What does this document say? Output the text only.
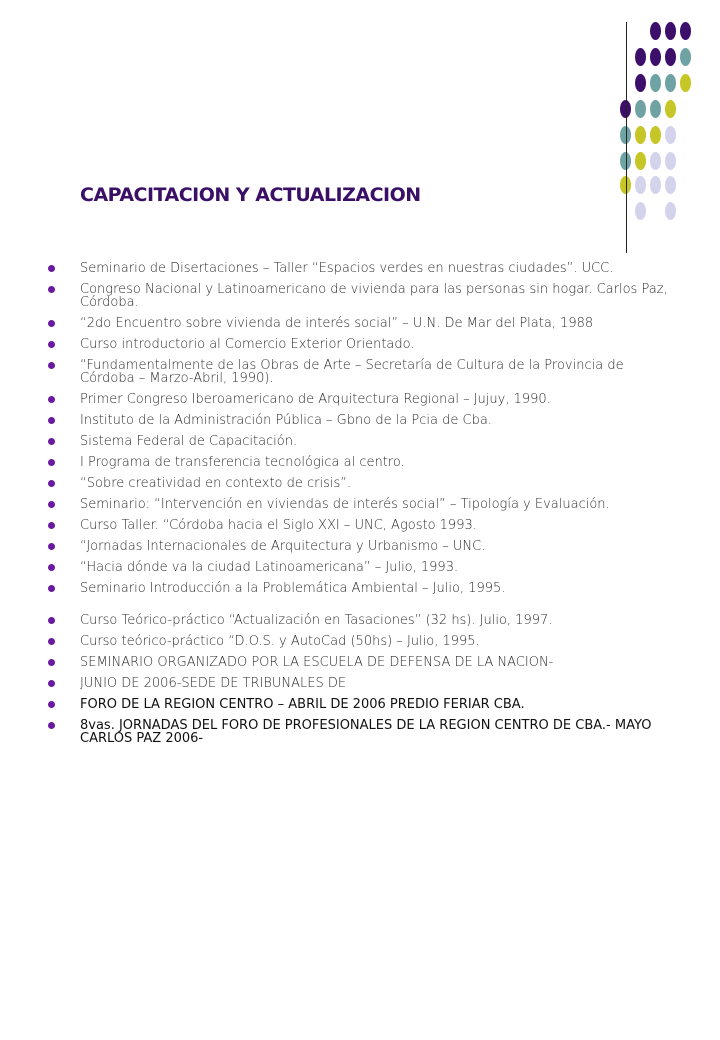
CAPACITACION Y ACTUALIZACION
Seminario de Disertaciones – Taller “Espacios verdes en nuestras ciudades”. UCC.
Congreso Nacional y Latinoamericano de vivienda para las personas sin hogar. Carlos Paz, Córdoba.
“2do Encuentro sobre vivienda de interés social” – U.N. De Mar del Plata, 1988
Curso introductorio al Comercio Exterior Orientado.
“Fundamentalmente de las Obras de Arte – Secretaría de Cultura de la Provincia de Córdoba – Marzo-Abril, 1990).
Primer Congreso Iberoamericano de Arquitectura Regional – Jujuy, 1990.
Instituto de la Administración Pública – Gbno de la Pcia de Cba.
Sistema Federal de Capacitación.
I Programa de transferencia tecnológica al centro.
“Sobre creatividad en contexto de crisis”.
Seminario: “Intervención en viviendas de interés social” – Tipología y Evaluación.
Curso Taller. “Córdoba hacia el Siglo XXI – UNC, Agosto 1993.
“Jornadas Internacionales de Arquitectura y Urbanismo – UNC.
“Hacia dónde va la ciudad Latinoamericana” – Julio, 1993.
Seminario Introducción a la Problemática Ambiental – Julio, 1995.
Curso Teórico-práctico “Actualización en Tasaciones” (32 hs). Julio, 1997.
Curso teórico-práctico “D.O.S. y AutoCad (50hs) – Julio, 1995.
SEMINARIO ORGANIZADO POR LA ESCUELA DE DEFENSA DE LA NACION-
JUNIO DE 2006-SEDE DE TRIBUNALES DE
FORO DE LA REGION CENTRO – ABRIL DE 2006 PREDIO FERIAR CBA.
8vas. JORNADAS DEL FORO DE PROFESIONALES DE LA REGION CENTRO DE CBA.- MAYO CARLOS PAZ 2006-
